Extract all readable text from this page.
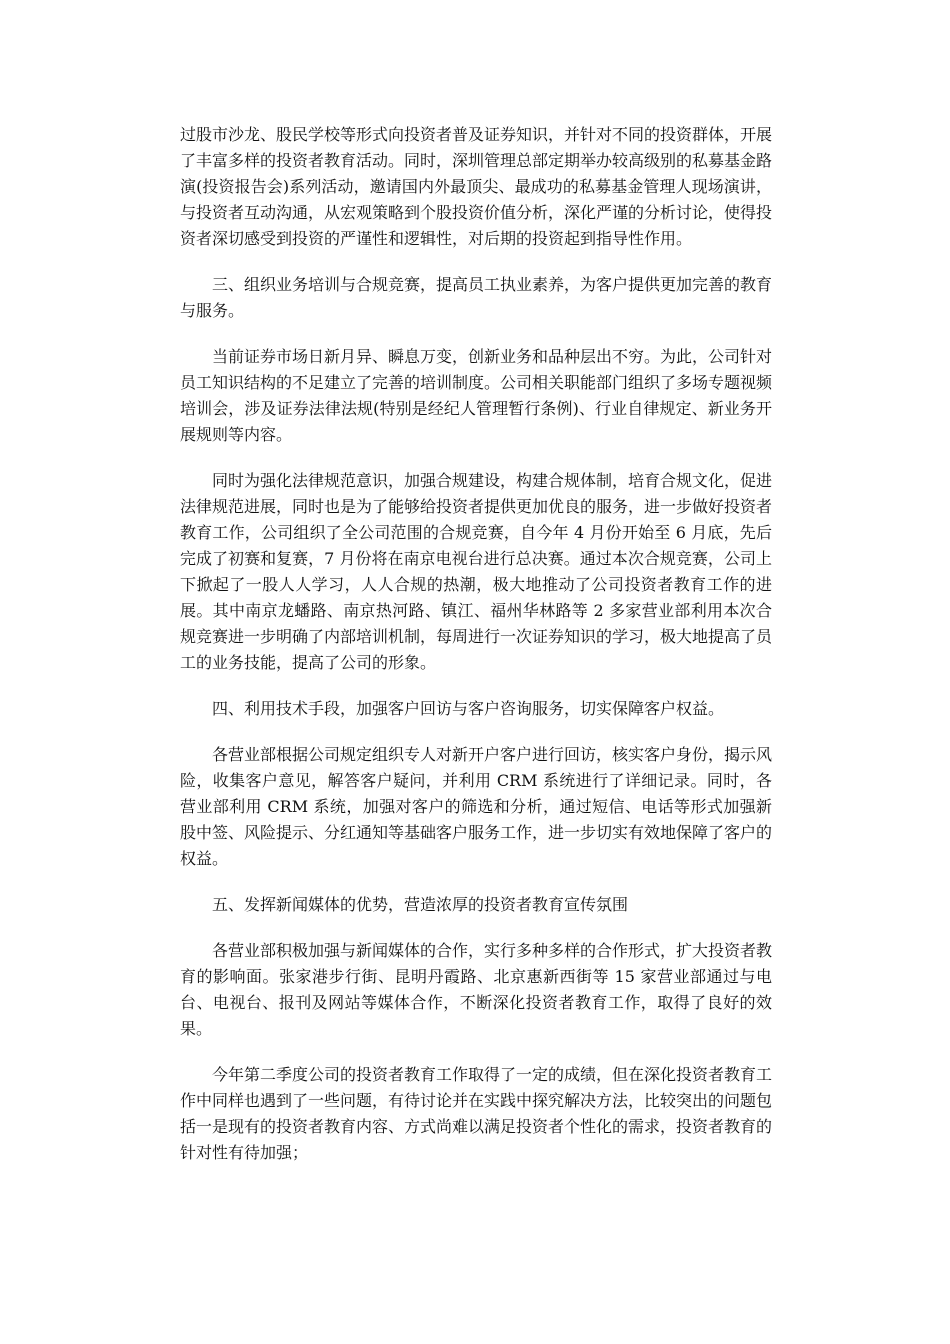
过股市沙龙、股民学校等形式向投资者普及证券知识，并针对不同的投资群体，开展了丰富多样的投资者教育活动。同时，深圳管理总部定期举办较高级别的私募基金路演(投资报告会)系列活动，邀请国内外最顶尖、最成功的私募基金管理人现场演讲，与投资者互动沟通，从宏观策略到个股投资价值分析，深化严谨的分析讨论，使得投资者深切感受到投资的严谨性和逻辑性，对后期的投资起到指导性作用。

三、组织业务培训与合规竞赛，提高员工执业素养，为客户提供更加完善的教育与服务。

当前证券市场日新月异、瞬息万变，创新业务和品种层出不穷。为此，公司针对员工知识结构的不足建立了完善的培训制度。公司相关职能部门组织了多场专题视频培训会，涉及证券法律法规(特别是经纪人管理暂行条例)、行业自律规定、新业务开展规则等内容。

同时为强化法律规范意识，加强合规建设，构建合规体制，培育合规文化，促进法律规范进展，同时也是为了能够给投资者提供更加优良的服务，进一步做好投资者教育工作，公司组织了全公司范围的合规竞赛，自今年 4 月份开始至 6 月底，先后完成了初赛和复赛，7 月份将在南京电视台进行总决赛。通过本次合规竞赛，公司上下掀起了一股人人学习，人人合规的热潮，极大地推动了公司投资者教育工作的进展。其中南京龙蟠路、南京热河路、镇江、福州华林路等 2 多家营业部利用本次合规竞赛进一步明确了内部培训机制，每周进行一次证券知识的学习，极大地提高了员工的业务技能，提高了公司的形象。

四、利用技术手段，加强客户回访与客户咨询服务，切实保障客户权益。

各营业部根据公司规定组织专人对新开户客户进行回访，核实客户身份，揭示风险，收集客户意见，解答客户疑问，并利用 CRM 系统进行了详细记录。同时，各营业部利用 CRM 系统，加强对客户的筛选和分析，通过短信、电话等形式加强新股中签、风险提示、分红通知等基础客户服务工作，进一步切实有效地保障了客户的权益。

五、发挥新闻媒体的优势，营造浓厚的投资者教育宣传氛围

各营业部积极加强与新闻媒体的合作，实行多种多样的合作形式，扩大投资者教育的影响面。张家港步行街、昆明丹霞路、北京惠新西街等 15 家营业部通过与电台、电视台、报刊及网站等媒体合作，不断深化投资者教育工作，取得了良好的效果。

今年第二季度公司的投资者教育工作取得了一定的成绩，但在深化投资者教育工作中同样也遇到了一些问题，有待讨论并在实践中探究解决方法，比较突出的问题包括一是现有的投资者教育内容、方式尚难以满足投资者个性化的需求，投资者教育的针对性有待加强；
